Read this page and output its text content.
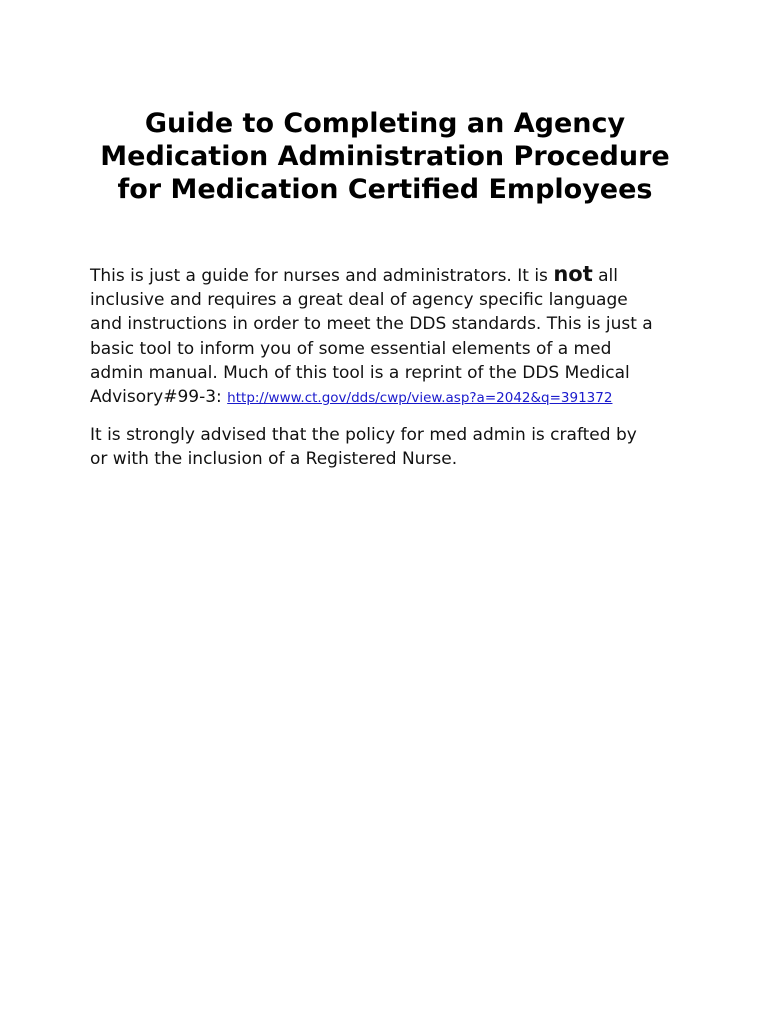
Guide to Completing an Agency
Medication Administration Procedure
for Medication Certified Employees

This is just a guide for nurses and administrators. It is not all
inclusive and requires a great deal of agency specific language
and instructions in order to meet the DDS standards. This is just a
basic tool to inform you of some essential elements of a med
admin manual. Much of this tool is a reprint of the DDS Medical
Advisory#99-3: http://www.ct.gov/dds/cwp/view.asp?a=2042&q=391372

It is strongly advised that the policy for med admin is crafted by
or with the inclusion of a Registered Nurse.
